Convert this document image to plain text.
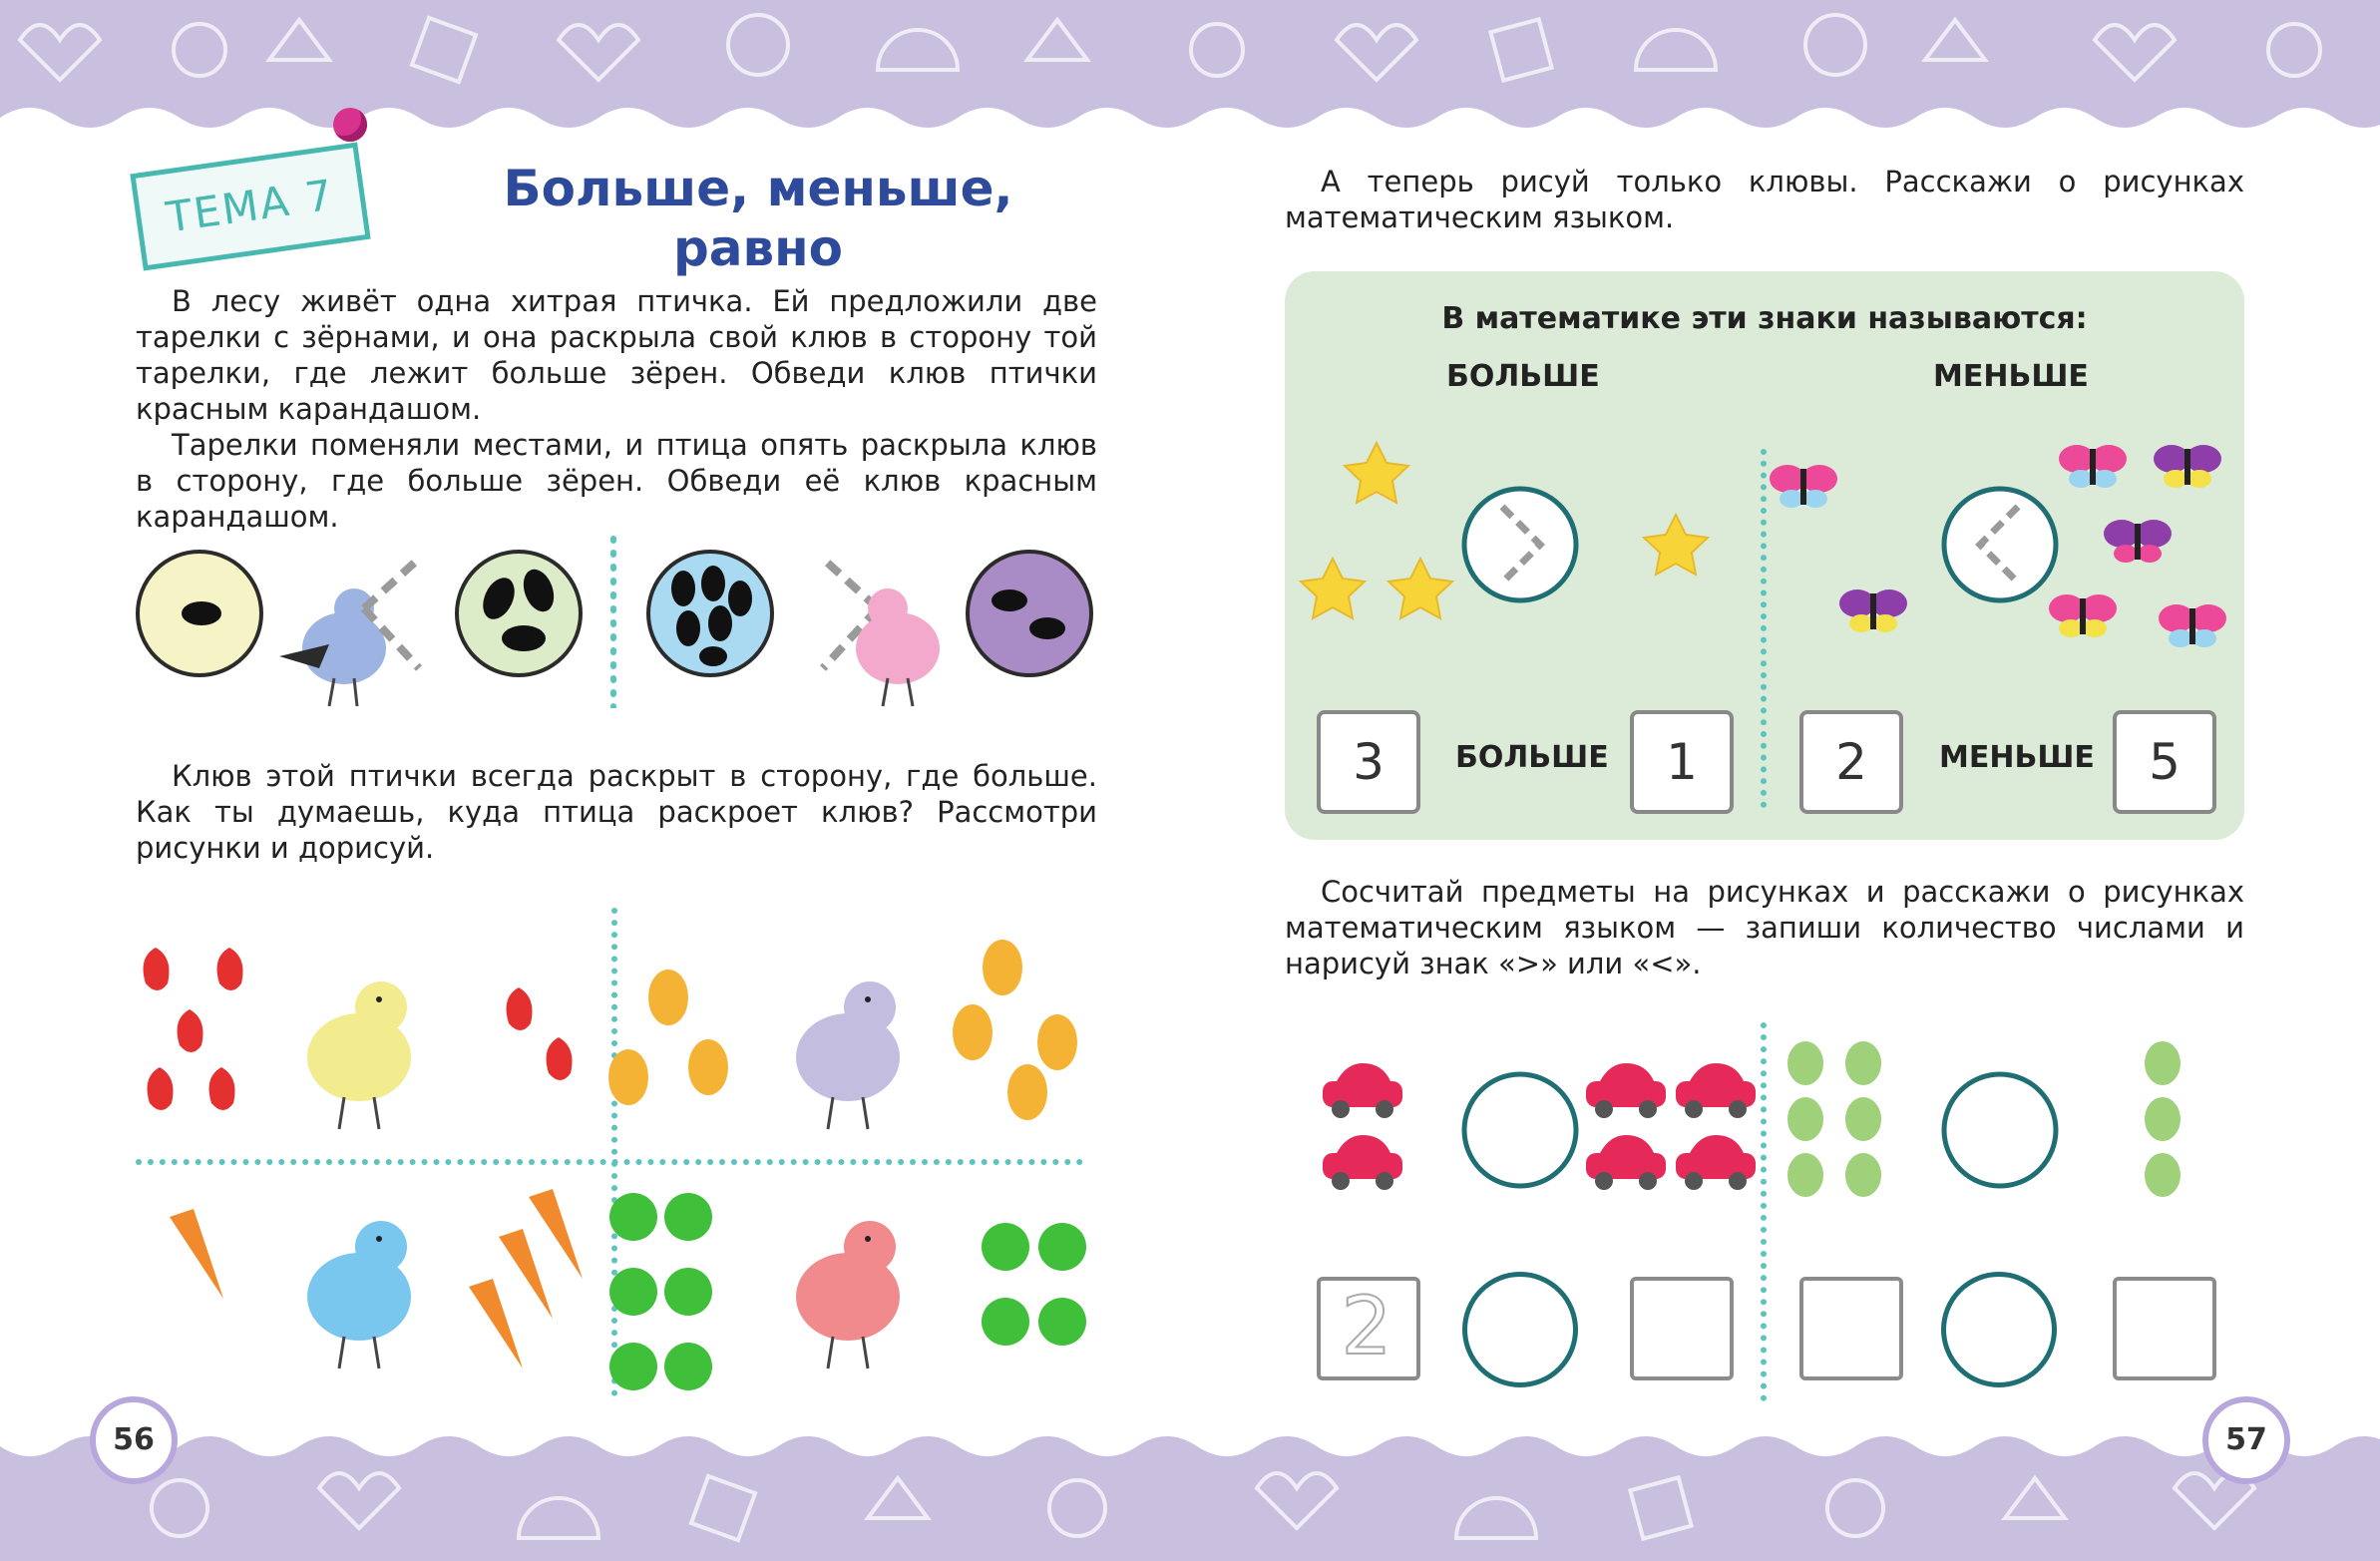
56	57
ТЕМА 7	Больше, меньше,
равно

В лесу живёт одна хитрая птичка. Ей предложили две тарелки с зёрнами, и она раскрыла свой клюв в сторону той тарелки, где лежит больше зёрен. Обведи клюв птички красным карандашом.

Тарелки поменяли местами, и птица опять раскрыла клюв в сторону, где больше зёрен. Обведи её клюв красным карандашом.

Клюв этой птички всегда раскрыт в сторону, где больше. Как ты думаешь, куда птица раскроет клюв? Рассмотри рисунки и дорисуй.

А теперь рисуй только клювы. Расскажи о рисунках математическим языком.

В математике эти знаки называются:
БОЛЬШЕ	МЕНЬШЕ
3	БОЛЬШЕ	1	2	МЕНЬШЕ	5

Сосчитай предметы на рисунках и расскажи о рисунках математическим языком — запиши количество числами и нарисуй знак «>» или «<».

2
